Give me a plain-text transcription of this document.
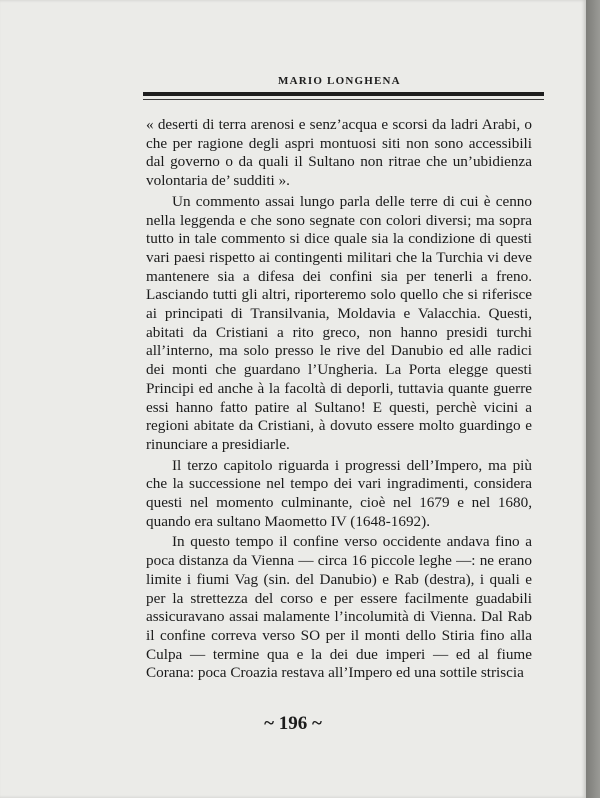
MARIO LONGHENA

« deserti di terra arenosi e senz’acqua e scorsi da ladri Arabi, o che per ragione degli aspri montuosi siti non sono accessibili dal governo o da quali il Sultano non ritrae che un’ubidienza volontaria de’ sudditi ».

Un commento assai lungo parla delle terre di cui è cenno nella leggenda e che sono segnate con colori diversi; ma sopra tutto in tale commento si dice quale sia la condizione di questi vari paesi rispetto ai contingenti militari che la Turchia vi deve mantenere sia a difesa dei confini sia per tenerli a freno. Lasciando tutti gli altri, riporteremo solo quello che si riferisce ai principati di Transilvania, Moldavia e Valacchia. Questi, abitati da Cristiani a rito greco, non hanno presidi turchi all’interno, ma solo presso le rive del Danubio ed alle radici dei monti che guardano l’Ungheria. La Porta elegge questi Principi ed anche à la facoltà di deporli, tuttavia quante guerre essi hanno fatto patire al Sultano! E questi, perchè vicini a regioni abitate da Cristiani, à dovuto essere molto guardingo e rinunciare a presidiarle.

Il terzo capitolo riguarda i progressi dell’Impero, ma più che la successione nel tempo dei vari ingradimenti, considera questi nel momento culminante, cioè nel 1679 e nel 1680, quando era sultano Maometto IV (1648-1692).

In questo tempo il confine verso occidente andava fino a poca distanza da Vienna — circa 16 piccole leghe —: ne erano limite i fiumi Vag (sin. del Danubio) e Rab (destra), i quali e per la strettezza del corso e per essere facilmente guadabili assicuravano assai malamente l’incolumità di Vienna. Dal Rab il confine correva verso SO per il monti dello Stiria fino alla Culpa — termine qua e la dei due imperi — ed al fiume Corana: poca Croazia restava all’Impero ed una sottile striscia

~ 196 ~
